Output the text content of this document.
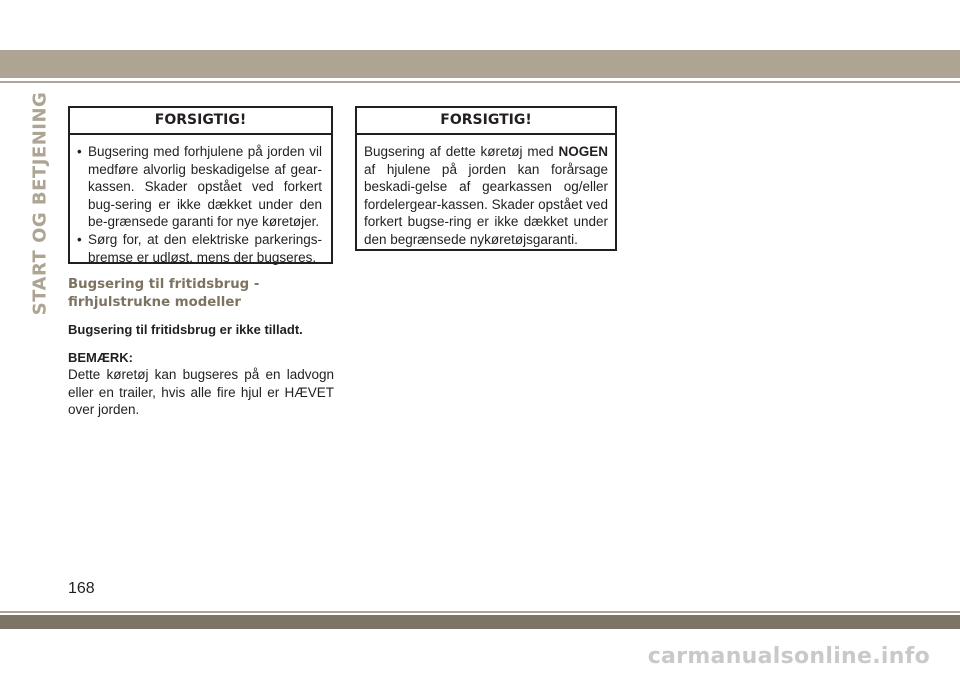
START OG BETJENING	FORSIGTIG!
• Bugsering med forhjulene på jorden vil medføre alvorlig beskadigelse af gear-kassen. Skader opstået ved forkert bug-sering er ikke dækket under den be-grænsede garanti for nye køretøjer.
• Sørg for, at den elektriske parkerings-bremse er udløst, mens der bugseres.
FORSIGTIG!
Bugsering af dette køretøj med NOGEN af hjulene på jorden kan forårsage beskadi-gelse af gearkassen og/eller fordelergear-kassen. Skader opstået ved forkert bugse-ring er ikke dækket under den begrænsede nykøretøjsgaranti.
Bugsering til fritidsbrug - firhjulstrukne modeller
Bugsering til fritidsbrug er ikke tilladt.
BEMÆRK:
Dette køretøj kan bugseres på en ladvogn eller en trailer, hvis alle fire hjul er HÆVET over jorden.
168
carmanualsonline.info
